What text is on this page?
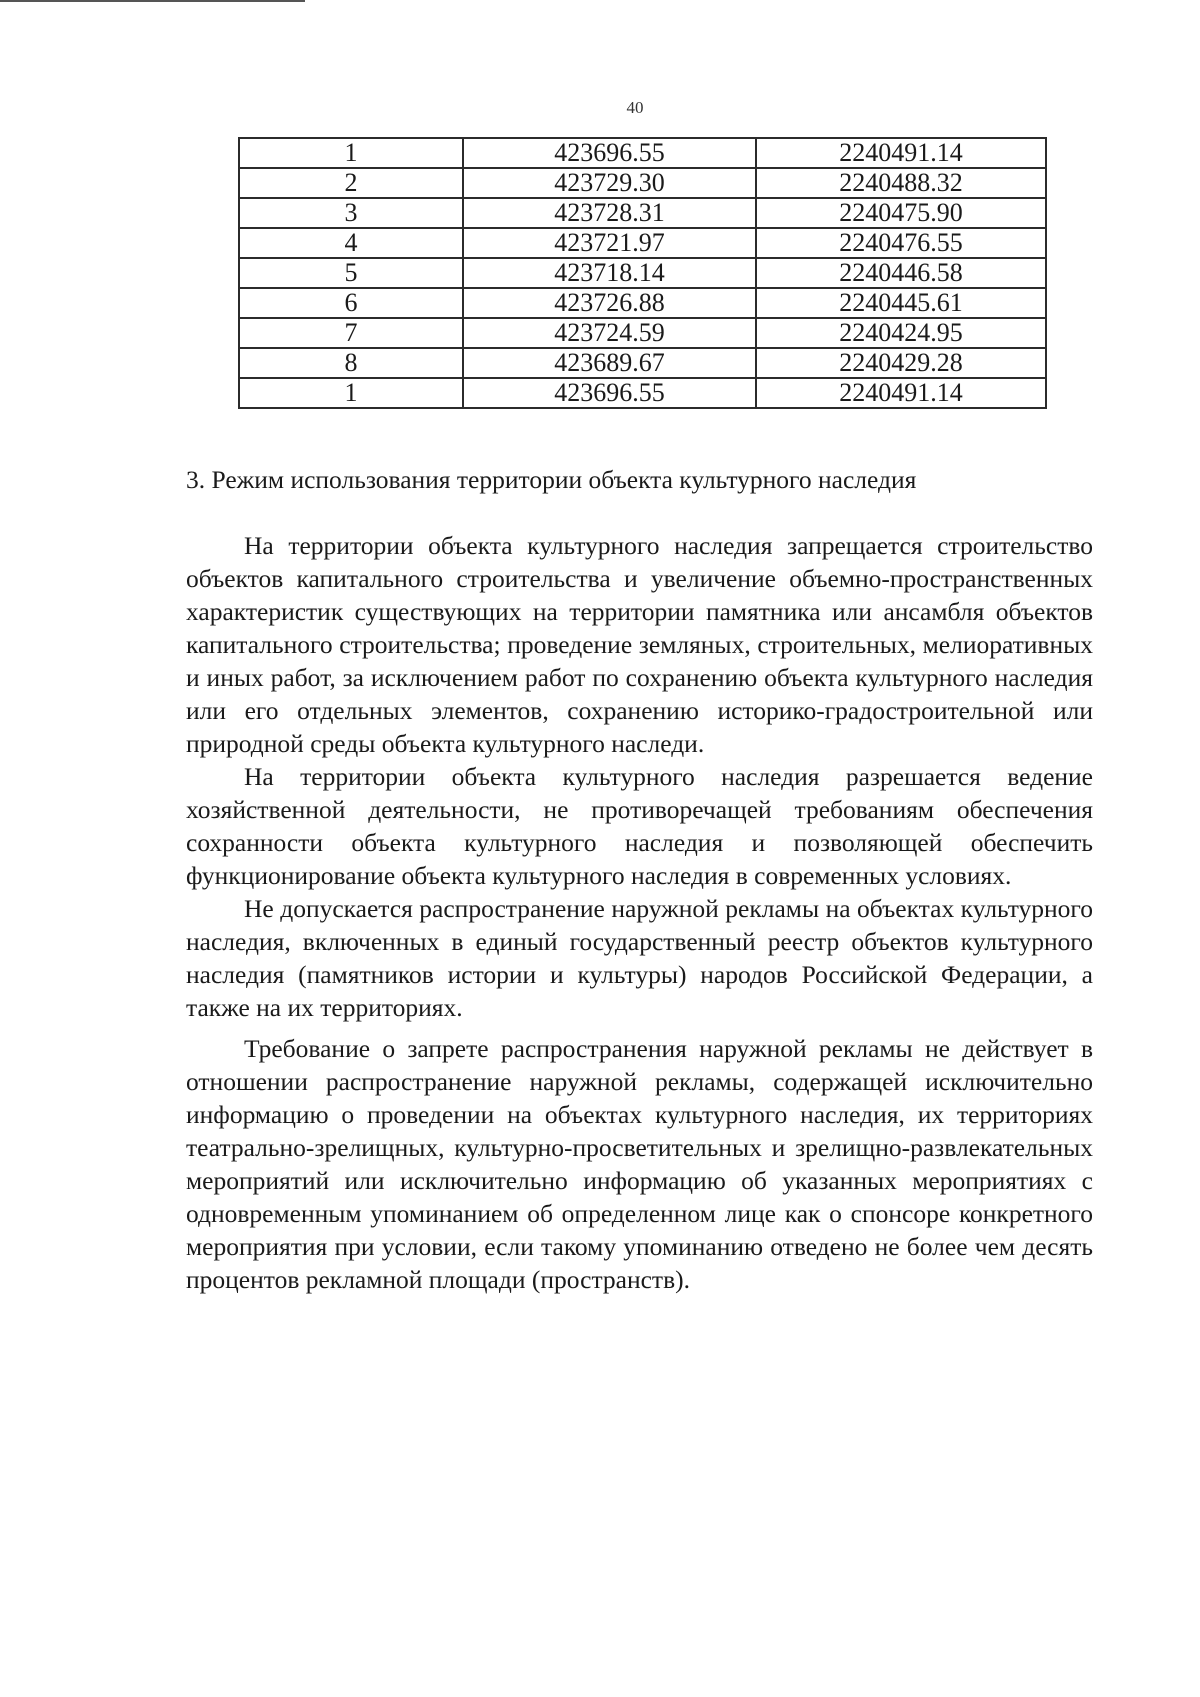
40
1	423696.55	2240491.14
2	423729.30	2240488.32
3	423728.31	2240475.90
4	423721.97	2240476.55
5	423718.14	2240446.58
6	423726.88	2240445.61
7	423724.59	2240424.95
8	423689.67	2240429.28
1	423696.55	2240491.14
3. Режим использования территории объекта культурного наследия

На территории объекта культурного наследия запрещается строительство объектов капитального строительства и увеличение объемно-пространственных характеристик существующих на территории памятника или ансамбля объектов капитального строительства; проведение земляных, строительных, мелиоративных и иных работ, за исключением работ по сохранению объекта культурного наследия или его отдельных элементов, сохранению историко-градостроительной или природной среды объекта культурного наследи.

На территории объекта культурного наследия разрешается ведение хозяйственной деятельности, не противоречащей требованиям обеспечения сохранности объекта культурного наследия и позволяющей обеспечить функционирование объекта культурного наследия в современных условиях.

Не допускается распространение наружной рекламы на объектах культурного наследия, включенных в единый государственный реестр объектов культурного наследия (памятников истории и культуры) народов Российской Федерации, а также на их территориях.

Требование о запрете распространения наружной рекламы не действует в отношении распространение наружной рекламы, содержащей исключительно информацию о проведении на объектах культурного наследия, их территориях театрально-зрелищных, культурно-просветительных и зрелищно-развлекательных мероприятий или исключительно информацию об указанных мероприятиях с одновременным упоминанием об определенном лице как о спонсоре конкретного мероприятия при условии, если такому упоминанию отведено не более чем десять процентов рекламной площади (пространств).
